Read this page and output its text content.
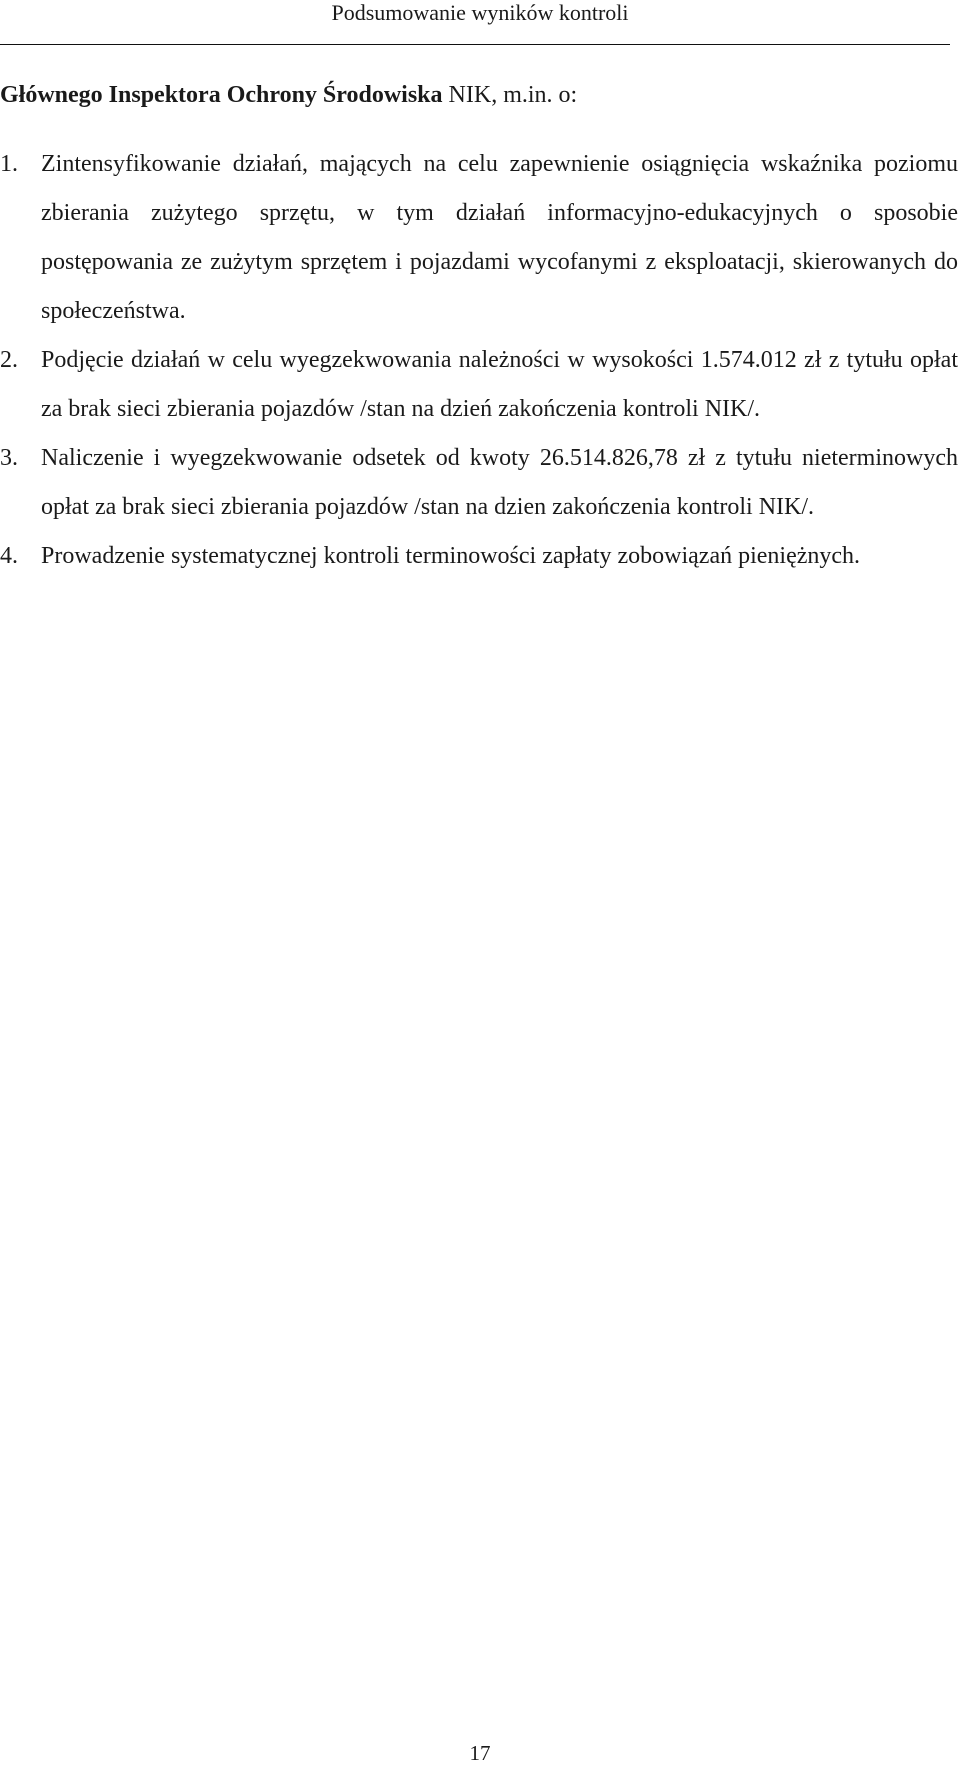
Podsumowanie wyników kontroli
Głównego Inspektora Ochrony Środowiska NIK, m.in. o:
1. Zintensyfikowanie działań, mających na celu zapewnienie osiągnięcia wskaźnika poziomu zbierania zużytego sprzętu, w tym działań informacyjno-edukacyjnych o sposobie postępowania ze zużytym sprzętem i pojazdami wycofanymi z eksploatacji, skierowanych do społeczeństwa.
2. Podjęcie działań w celu wyegzekwowania należności w wysokości 1.574.012 zł z tytułu opłat za brak sieci zbierania pojazdów /stan na dzień zakończenia kontroli NIK/.
3. Naliczenie i wyegzekwowanie odsetek od kwoty 26.514.826,78 zł z tytułu nieterminowych opłat za brak sieci zbierania pojazdów /stan na dzien zakończenia kontroli NIK/.
4. Prowadzenie systematycznej kontroli terminowości zapłaty zobowiązań pieniężnych.
17
